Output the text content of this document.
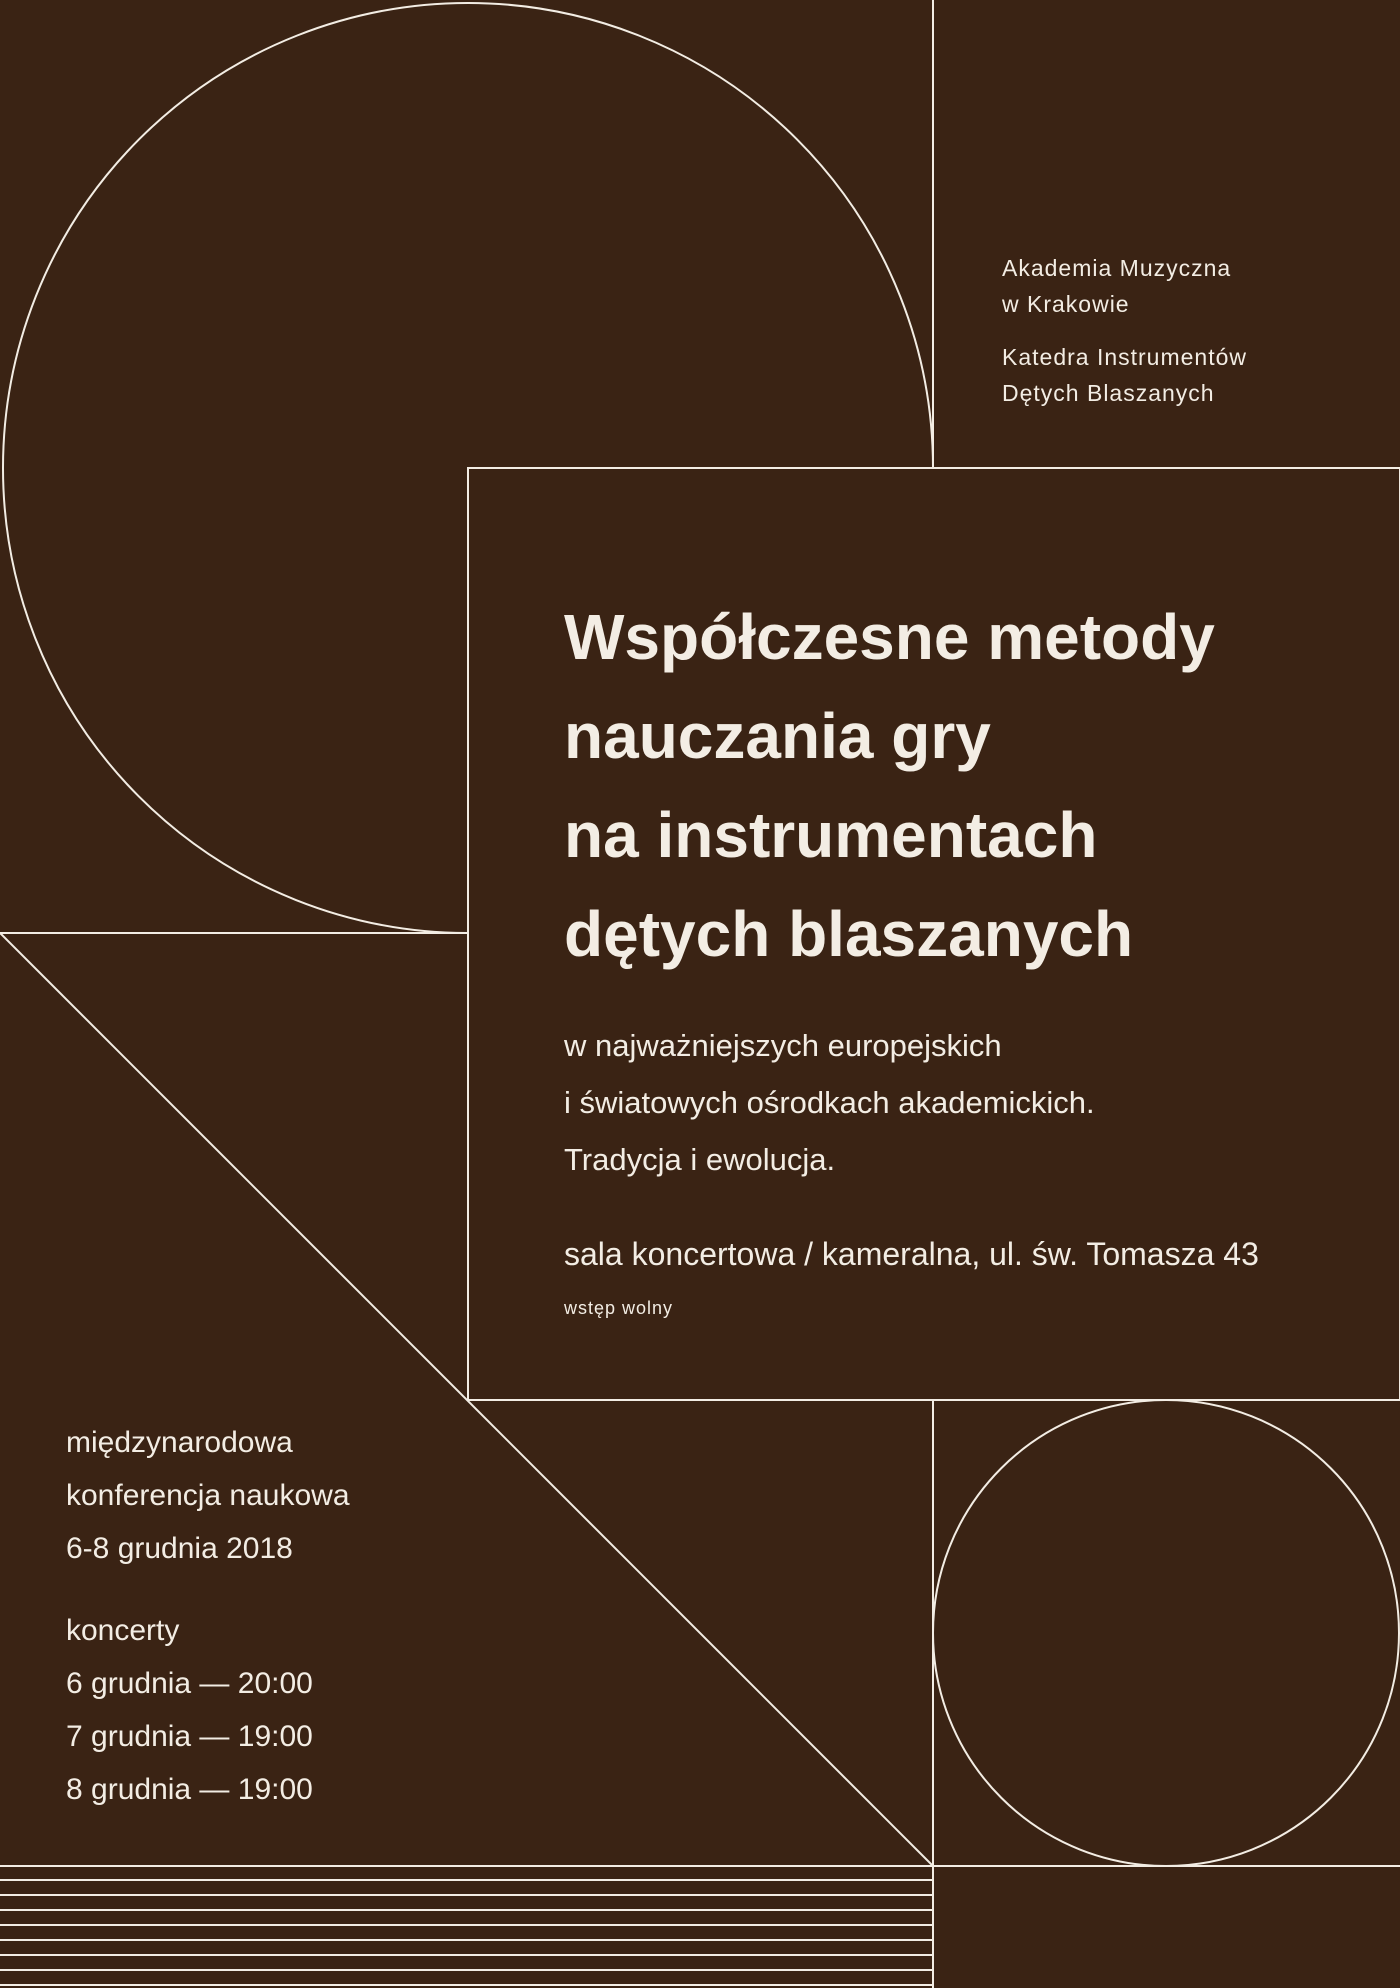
Akademia Muzyczna

w Krakowie

Katedra Instrumentów

Dętych Blaszanych

Współczesne metody

nauczania gry

na instrumentach

dętych blaszanych

w najważniejszych europejskich

i światowych ośrodkach akademickich.

Tradycja i ewolucja.

sala koncertowa / kameralna, ul. św. Tomasza 43
wstęp wolny

międzynarodowa

konferencja naukowa

6-8 grudnia 2018

koncerty

6 grudnia — 20:00

7 grudnia — 19:00

8 grudnia — 19:00
